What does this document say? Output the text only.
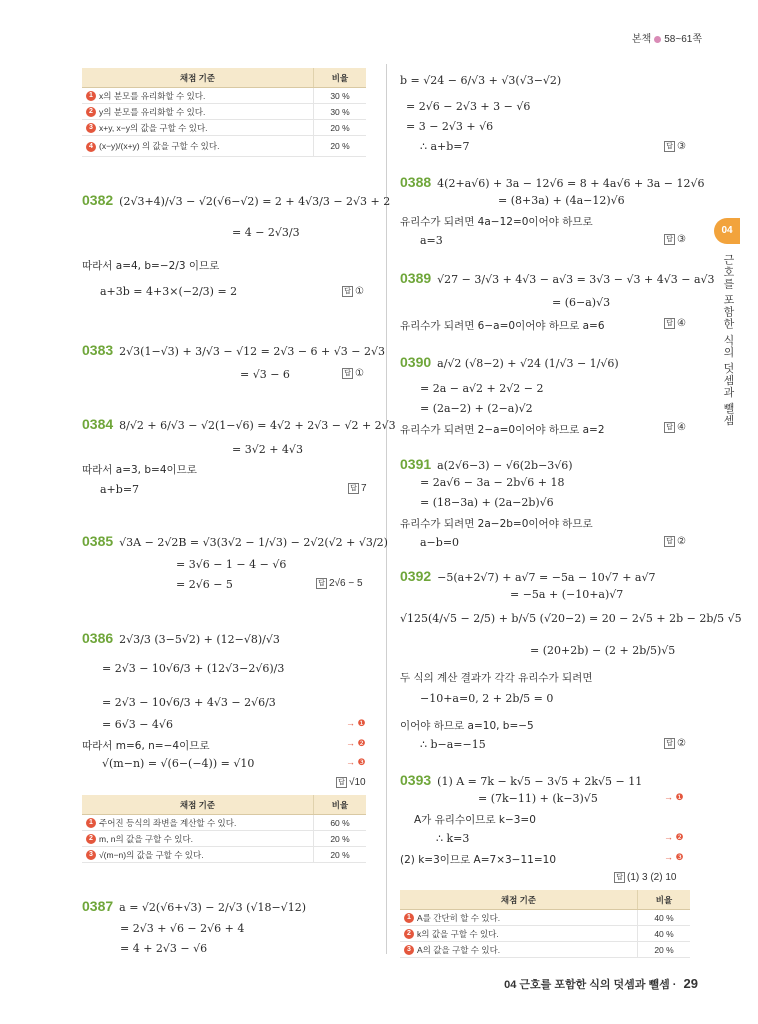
본책 58~61쪽
04
근호를 포함한 식의 덧셈과 뺄셈
채점 기준	비율
1 x의 분모를 유리화할 수 있다.	30 %
2 y의 분모를 유리화할 수 있다.	30 %
3 x+y, x−y의 값을 구할 수 있다.	20 %
4 (x−y)/(x+y) 의 값을 구할 수 있다.	20 %
0382 (2√3+4)/√3 − √2(√6−√2) = 2 + 4√3/3 − 2√3 + 2
= 4 − 2√3/3
따라서 a=4, b=−2/3 이므로
a+3b = 4+3×(−2/3) = 2	답 ①
0383 2√3(1−√3) + 3/√3 − √12 = 2√3 − 6 + √3 − 2√3
= √3 − 6	답 ①
0384 8/√2 + 6/√3 − √2(1−√6) = 4√2 + 2√3 − √2 + 2√3
= 3√2 + 4√3
따라서 a=3, b=4이므로
a+b=7	답 7
0385 √3A − 2√2B = √3(3√2 − 1/√3) − 2√2(√2 + √3/2)
= 3√6 − 1 − 4 − √6
= 2√6 − 5	답 2√6 − 5
0386 2√3/3 (3−5√2) + (12−√8)/√3
= 2√3 − 10√6/3 + (12√3−2√6)/3
= 2√3 − 10√6/3 + 4√3 − 2√6/3
= 6√3 − 4√6	→ ❶
따라서 m=6, n=−4이므로	→ ❷
√(m−n) = √(6−(−4)) = √10	→ ❸
답 √10
채점 기준	비율
1 주어진 등식의 좌변을 계산할 수 있다.	60 %
2 m, n의 값을 구할 수 있다.	20 %
3 √(m−n)의 값을 구할 수 있다.	20 %
0387 a = √2(√6+√3) − 2/√3 (√18−√12)
= 2√3 + √6 − 2√6 + 4
= 4 + 2√3 − √6
b = √24 − 6/√3 + √3(√3−√2)
= 2√6 − 2√3 + 3 − √6
= 3 − 2√3 + √6
∴ a+b=7	답 ③
0388 4(2+a√6) + 3a − 12√6 = 8 + 4a√6 + 3a − 12√6
= (8+3a) + (4a−12)√6
유리수가 되려면 4a−12=0이어야 하므로
a=3	답 ③
0389 √27 − 3/√3 + 4√3 − a√3 = 3√3 − √3 + 4√3 − a√3
= (6−a)√3
유리수가 되려면 6−a=0이어야 하므로 a=6	답 ④
0390 a/√2 (√8−2) + √24 (1/√3 − 1/√6)
= 2a − a√2 + 2√2 − 2
= (2a−2) + (2−a)√2
유리수가 되려면 2−a=0이어야 하므로 a=2	답 ④
0391 a(2√6−3) − √6(2b−3√6)
= 2a√6 − 3a − 2b√6 + 18
= (18−3a) + (2a−2b)√6
유리수가 되려면 2a−2b=0이어야 하므로
a−b=0	답 ②
0392 −5(a+2√7) + a√7 = −5a − 10√7 + a√7
= −5a + (−10+a)√7
√125(4/√5 − 2/5) + b/√5 (√20−2) = 20 − 2√5 + 2b − 2b/5 √5
= (20+2b) − (2 + 2b/5)√5
두 식의 계산 결과가 각각 유리수가 되려면
−10+a=0, 2 + 2b/5 = 0
이어야 하므로 a=10, b=−5
∴ b−a=−15	답 ②
0393 (1) A = 7k − k√5 − 3√5 + 2k√5 − 11
= (7k−11) + (k−3)√5	→ ❶
A가 유리수이므로 k−3=0
∴ k=3	→ ❷
(2) k=3이므로 A=7×3−11=10	→ ❸
답 (1) 3 (2) 10
채점 기준	비율
1 A를 간단히 할 수 있다.	40 %
2 k의 값을 구할 수 있다.	40 %
3 A의 값을 구할 수 있다.	20 %
04 근호를 포함한 식의 덧셈과 뺄셈 · 29
